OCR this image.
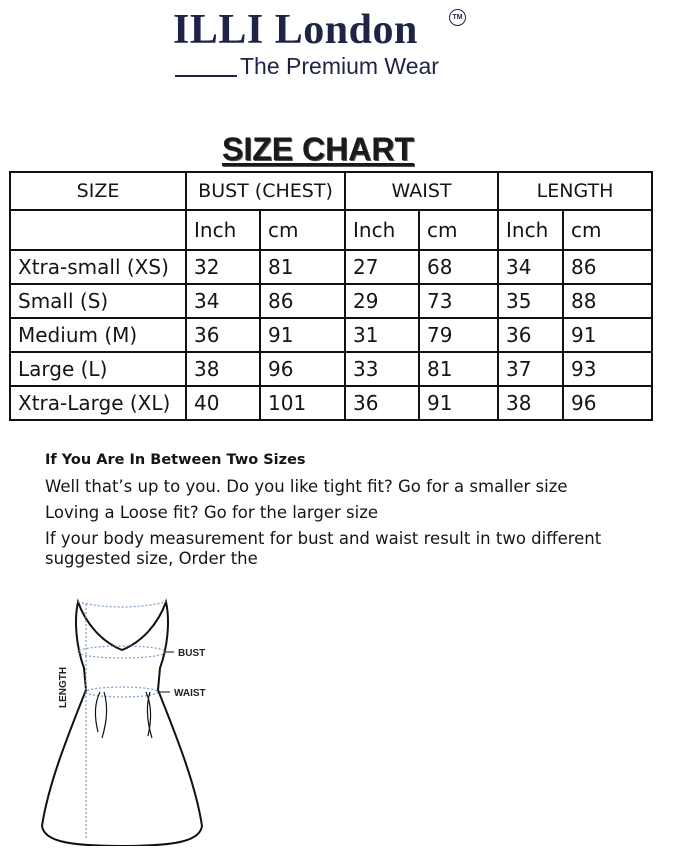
ILLI London	TM
The Premium Wear
SIZE CHART
SIZE	BUST (CHEST)		WAIST		LENGTH	
	Inch	cm	Inch	cm	Inch	cm
Xtra-small (XS)	32	81	27	68	34	86
Small (S)	34	86	29	73	35	88
Medium (M)	36	91	31	79	36	91
Large (L)	38	96	33	81	37	93
Xtra-Large (XL)	40	101	36	91	38	96
If You Are In Between Two Sizes
Well that’s up to you. Do you like tight fit? Go for a smaller size
Loving a Loose fit? Go for the larger size
If your body measurement for bust and waist result in two different
suggested size, Order the
BUST
WAIST
LENGTH
